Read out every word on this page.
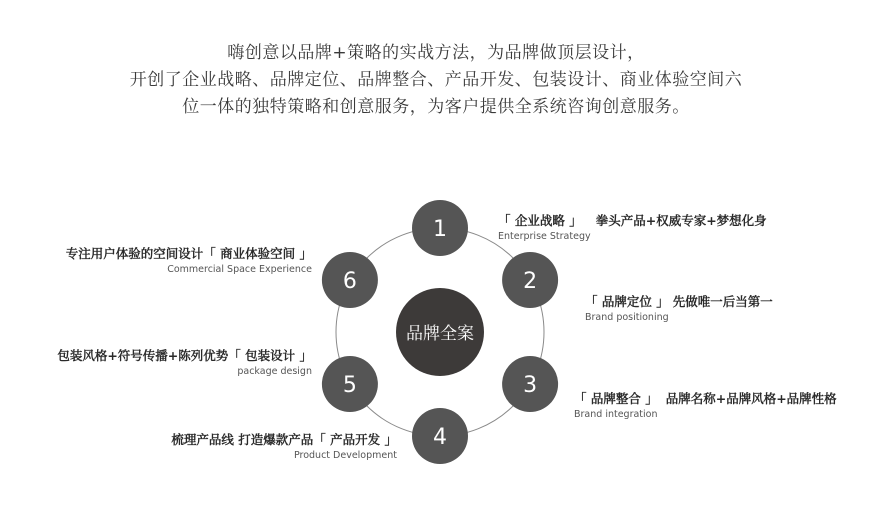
嗨创意以品牌+策略的实战方法，为品牌做顶层设计，
开创了企业战略、品牌定位、品牌整合、产品开发、包装设计、商业体验空间六
位一体的独特策略和创意服务，为客户提供全系统咨询创意服务。
品牌全案
1
2
3
4
5
6
「 企业战略 」 拳头产品+权威专家+梦想化身
Enterprise Strategy
「 品牌定位 」 先做唯一后当第一
Brand positioning
「 品牌整合 」 品牌名称+品牌风格+品牌性格
Brand integration
梳理产品线 打造爆款产品「 产品开发 」
Product Development
包装风格+符号传播+陈列优势「 包装设计 」
package design
专注用户体验的空间设计「 商业体验空间 」
Commercial Space Experience
